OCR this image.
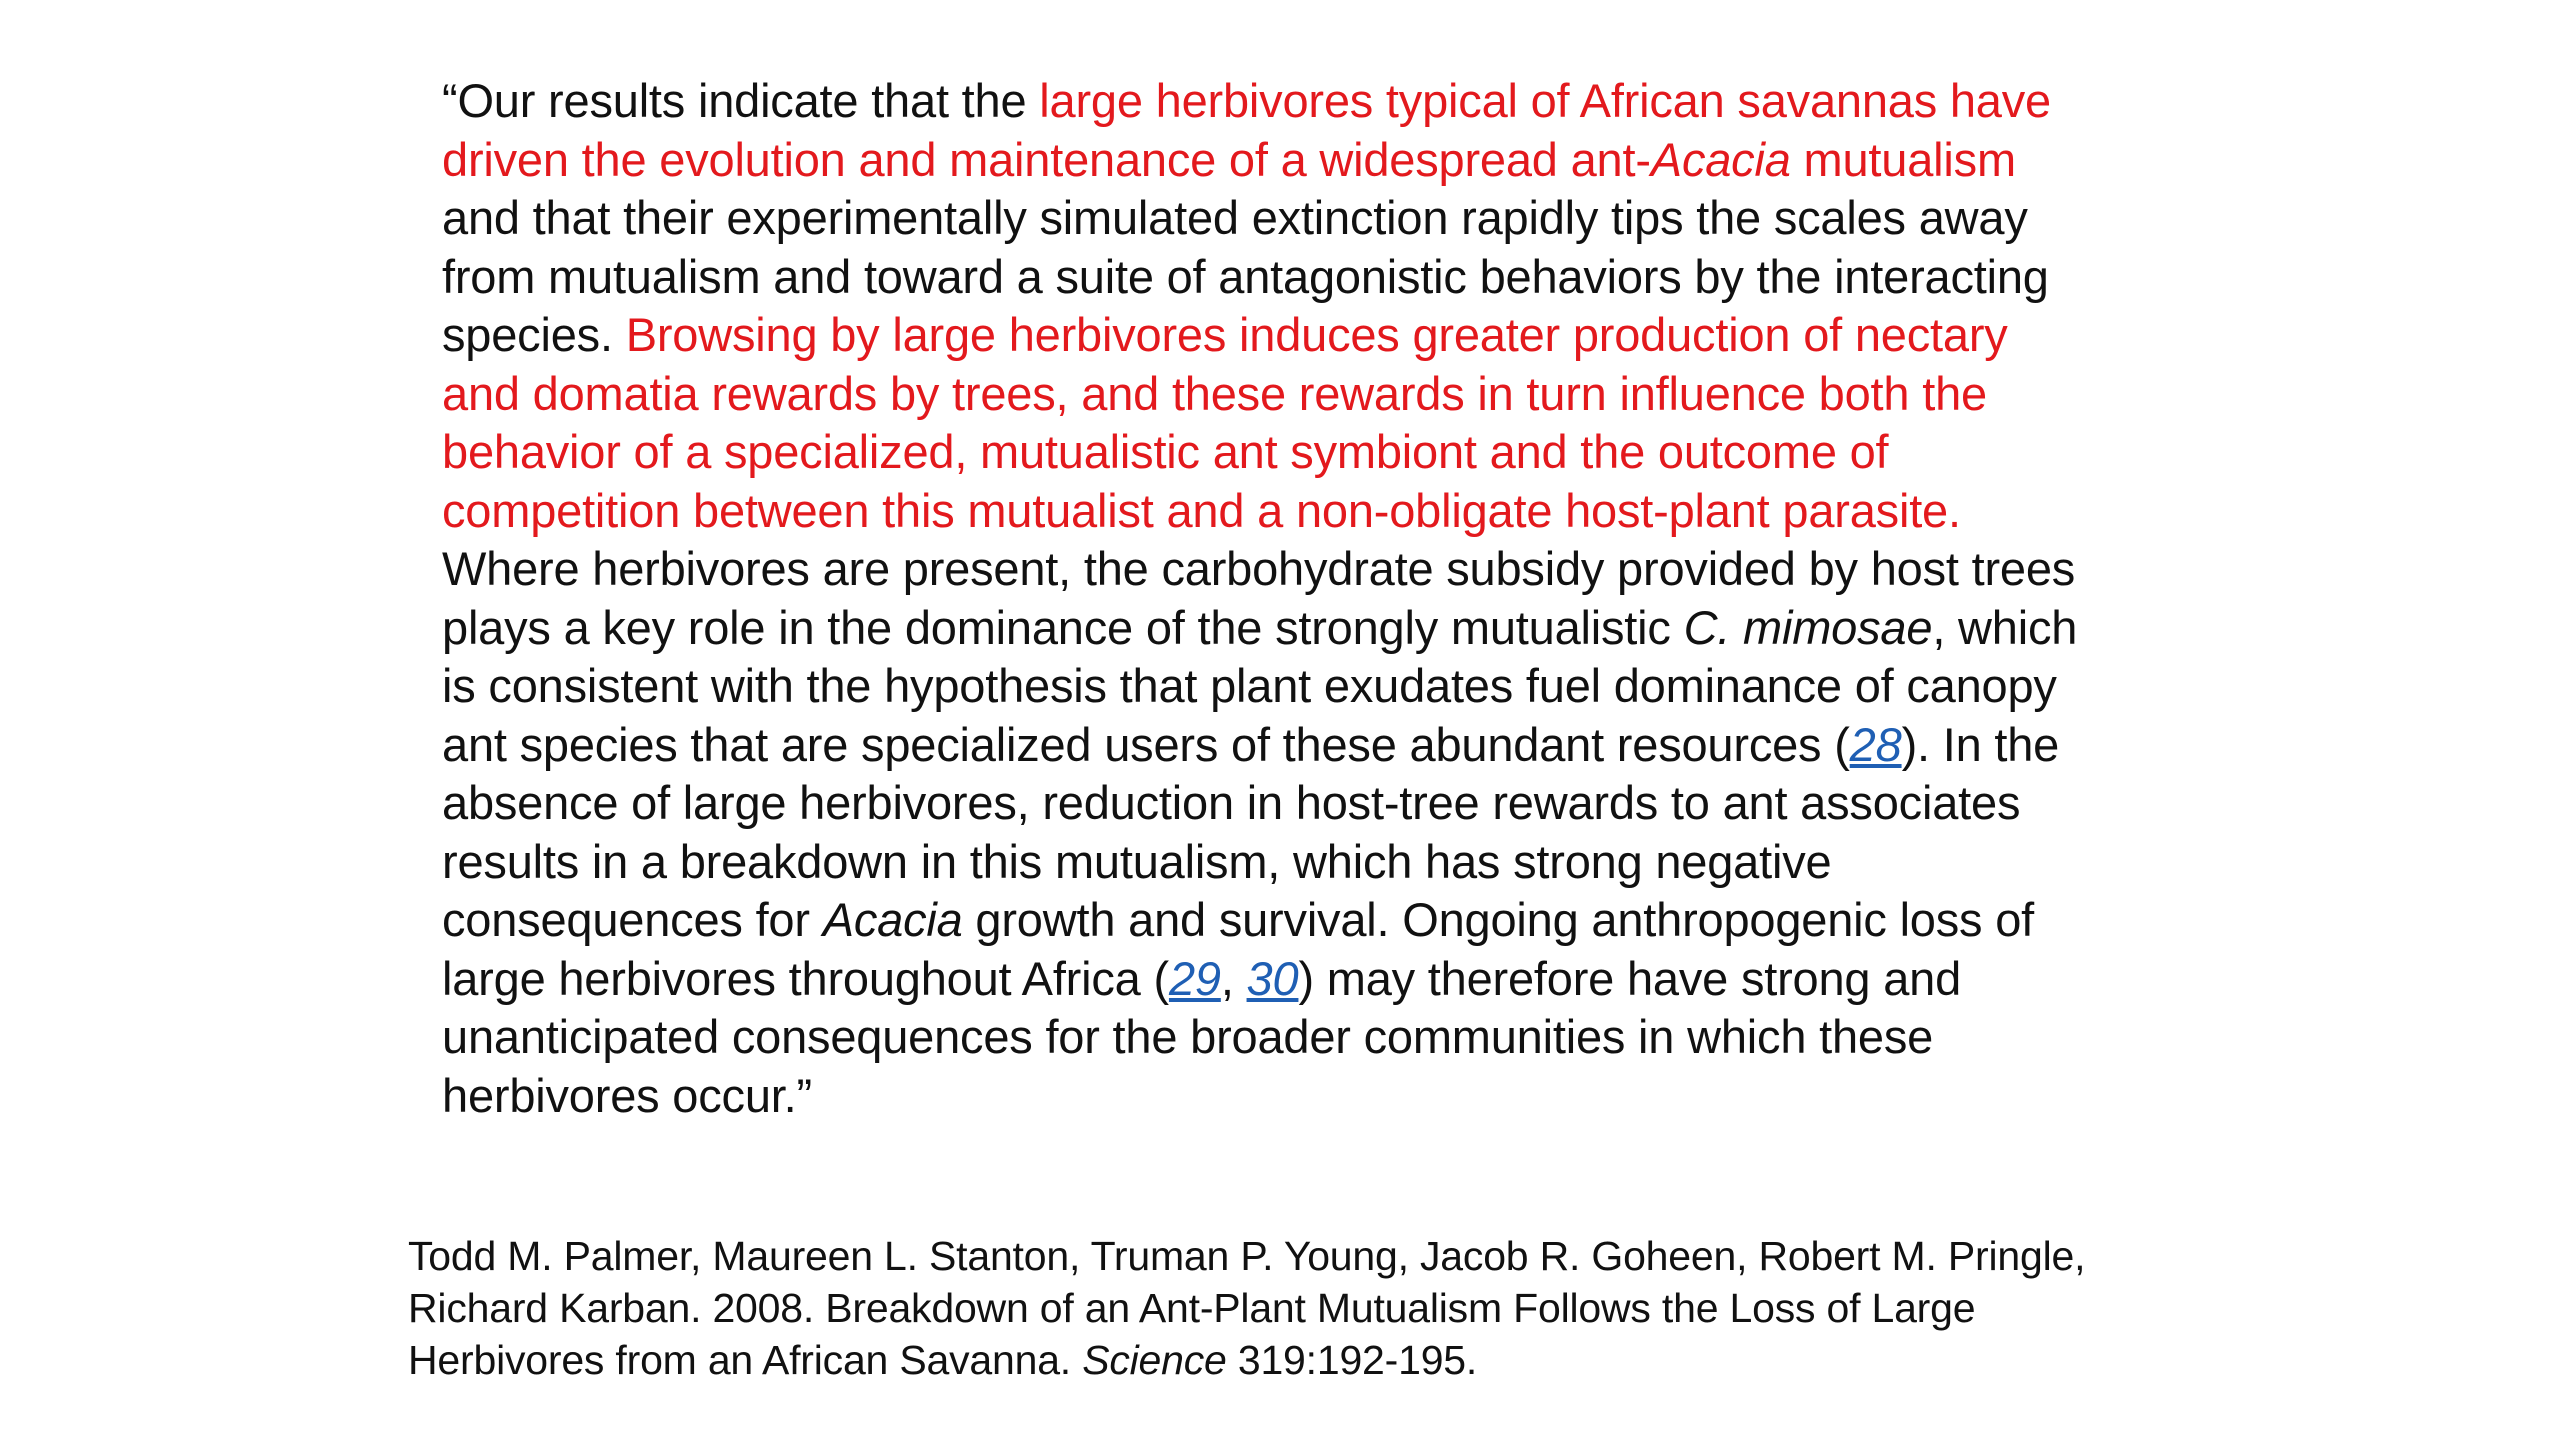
“Our results indicate that the large herbivores typical of African savannas have driven the evolution and maintenance of a widespread ant-Acacia mutualism and that their experimentally simulated extinction rapidly tips the scales away from mutualism and toward a suite of antagonistic behaviors by the interacting species. Browsing by large herbivores induces greater production of nectary and domatia rewards by trees, and these rewards in turn influence both the behavior of a specialized, mutualistic ant symbiont and the outcome of competition between this mutualist and a non-obligate host-plant parasite. Where herbivores are present, the carbohydrate subsidy provided by host trees plays a key role in the dominance of the strongly mutualistic C. mimosae, which is consistent with the hypothesis that plant exudates fuel dominance of canopy ant species that are specialized users of these abundant resources (28). In the absence of large herbivores, reduction in host-tree rewards to ant associates results in a breakdown in this mutualism, which has strong negative consequences for Acacia growth and survival. Ongoing anthropogenic loss of large herbivores throughout Africa (29, 30) may therefore have strong and unanticipated consequences for the broader communities in which these herbivores occur.”

Todd M. Palmer, Maureen L. Stanton, Truman P. Young, Jacob R. Goheen, Robert M. Pringle, Richard Karban. 2008. Breakdown of an Ant-Plant Mutualism Follows the Loss of Large Herbivores from an African Savanna. Science 319:192-195.
